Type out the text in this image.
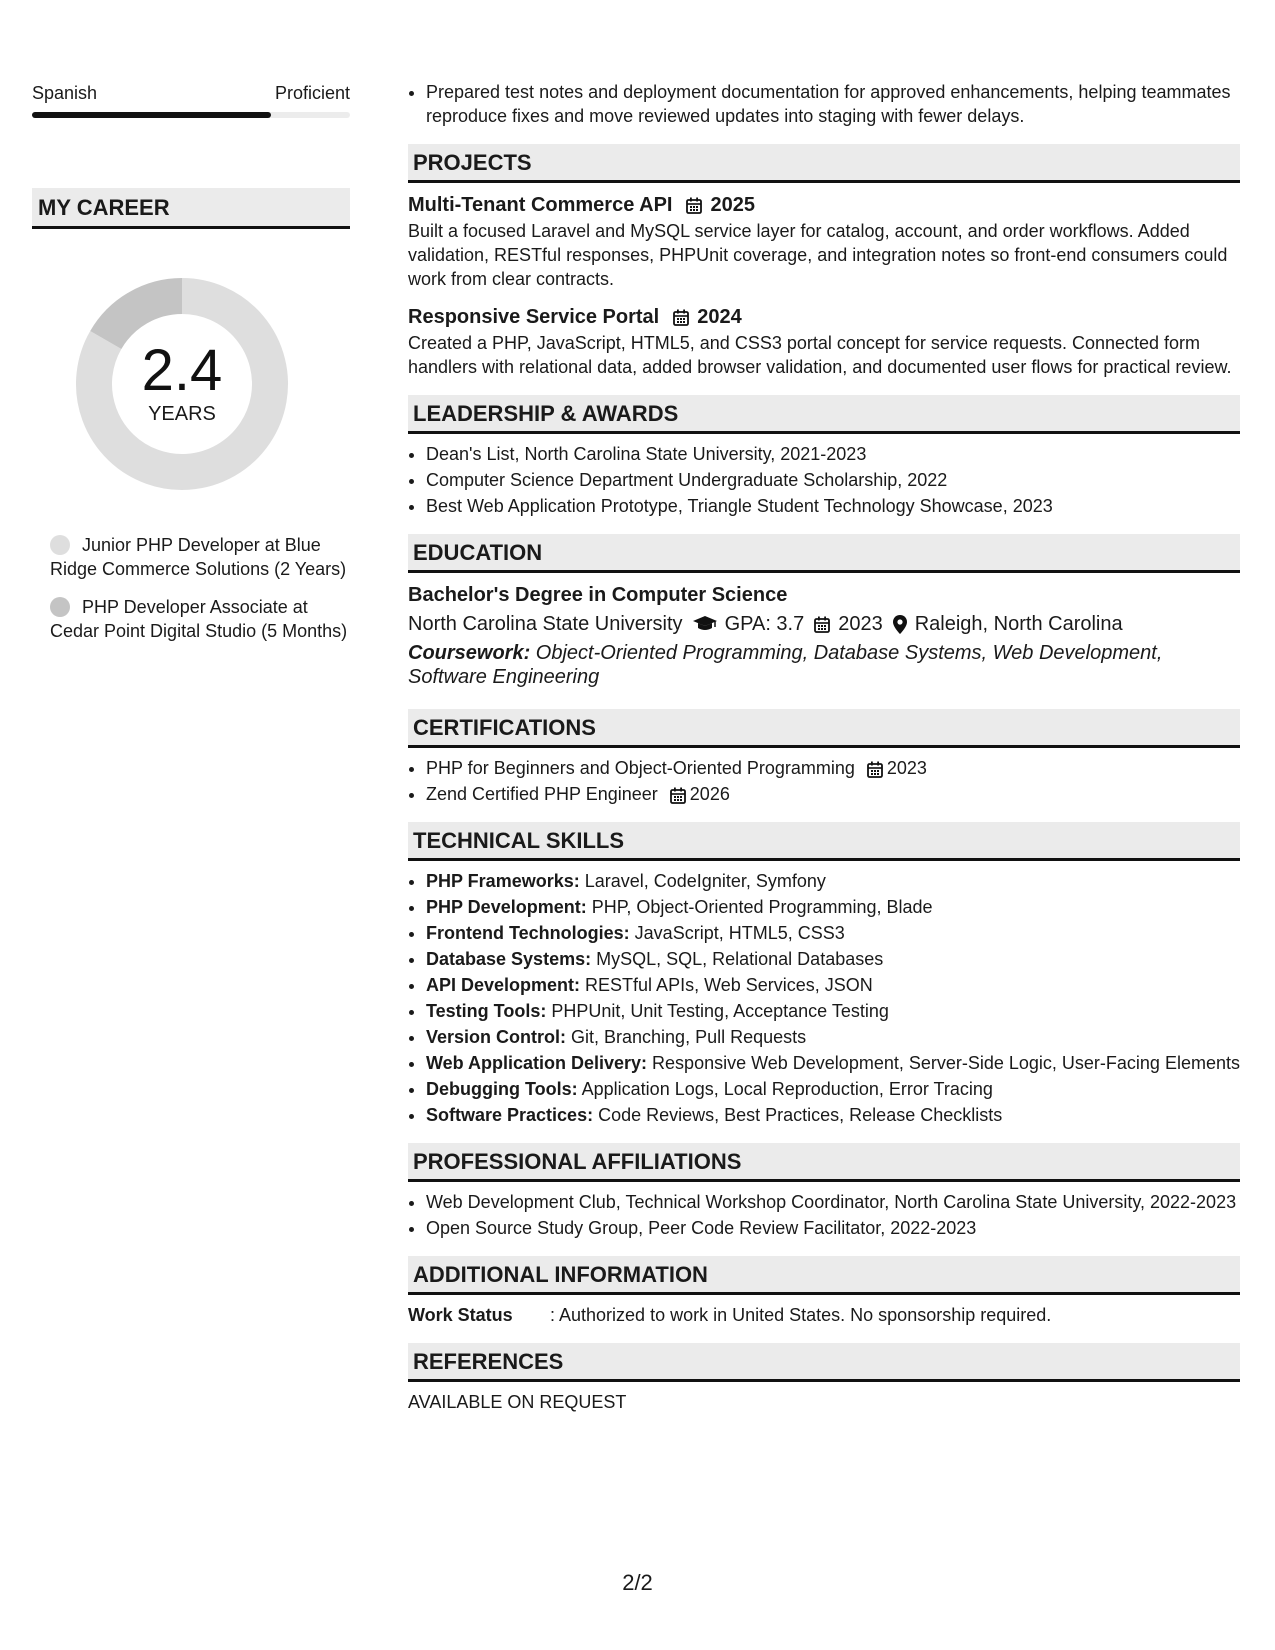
Spanish	Proficient
MY CAREER
2.4
YEARS
Junior PHP Developer at Blue Ridge Commerce Solutions (2 Years)
PHP Developer Associate at Cedar Point Digital Studio (5 Months)
• Prepared test notes and deployment documentation for approved enhancements, helping teammates reproduce fixes and move reviewed updates into staging with fewer delays.
PROJECTS
Multi-Tenant Commerce API 2025
Built a focused Laravel and MySQL service layer for catalog, account, and order workflows. Added validation, RESTful responses, PHPUnit coverage, and integration notes so front-end consumers could work from clear contracts.
Responsive Service Portal 2024
Created a PHP, JavaScript, HTML5, and CSS3 portal concept for service requests. Connected form handlers with relational data, added browser validation, and documented user flows for practical review.
LEADERSHIP & AWARDS
• Dean's List, North Carolina State University, 2021-2023
• Computer Science Department Undergraduate Scholarship, 2022
• Best Web Application Prototype, Triangle Student Technology Showcase, 2023
EDUCATION
Bachelor's Degree in Computer Science
North Carolina State University GPA: 3.7 2023 Raleigh, North Carolina
Coursework: Object-Oriented Programming, Database Systems, Web Development, Software Engineering
CERTIFICATIONS
• PHP for Beginners and Object-Oriented Programming 2023
• Zend Certified PHP Engineer 2026
TECHNICAL SKILLS
• PHP Frameworks: Laravel, CodeIgniter, Symfony
• PHP Development: PHP, Object-Oriented Programming, Blade
• Frontend Technologies: JavaScript, HTML5, CSS3
• Database Systems: MySQL, SQL, Relational Databases
• API Development: RESTful APIs, Web Services, JSON
• Testing Tools: PHPUnit, Unit Testing, Acceptance Testing
• Version Control: Git, Branching, Pull Requests
• Web Application Delivery: Responsive Web Development, Server-Side Logic, User-Facing Elements
• Debugging Tools: Application Logs, Local Reproduction, Error Tracing
• Software Practices: Code Reviews, Best Practices, Release Checklists
PROFESSIONAL AFFILIATIONS
• Web Development Club, Technical Workshop Coordinator, North Carolina State University, 2022-2023
• Open Source Study Group, Peer Code Review Facilitator, 2022-2023
ADDITIONAL INFORMATION
Work Status	: Authorized to work in United States. No sponsorship required.
REFERENCES
AVAILABLE ON REQUEST
2/2
